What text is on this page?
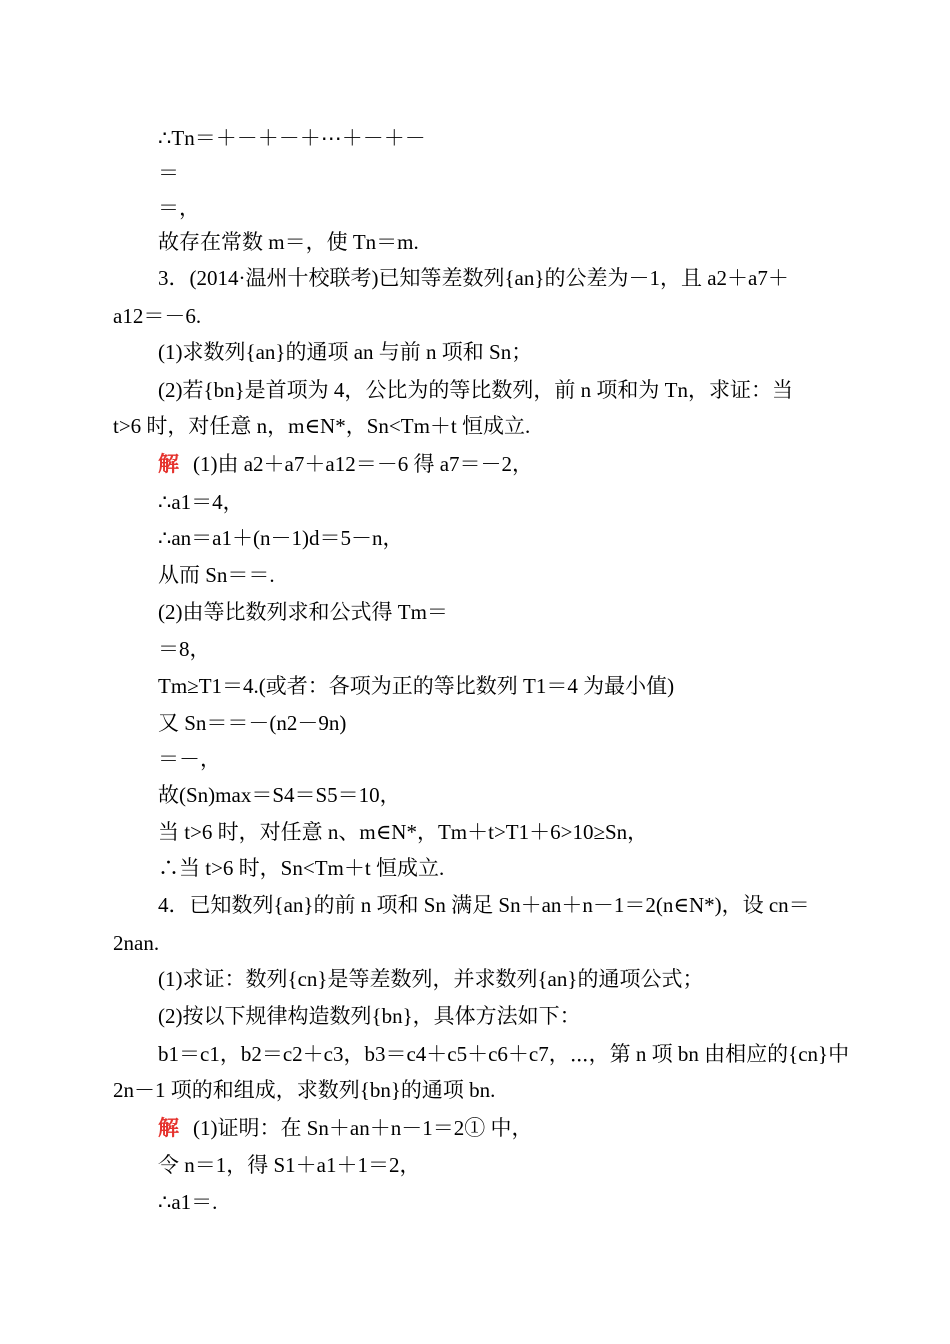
∴Tn＝＋－＋－＋⋯＋－＋－
＝
＝，
故存在常数 m＝，使 Tn＝m.
3．(2014·温州十校联考)已知等差数列{an}的公差为－1，且 a2＋a7＋
a12＝－6.
(1)求数列{an}的通项 an 与前 n 项和 Sn；
(2)若{bn}是首项为 4，公比为的等比数列，前 n 项和为 Tn，求证：当
t>6 时，对任意 n，m∈N*，Sn<Tm＋t 恒成立.
解 (1)由 a2＋a7＋a12＝－6 得 a7＝－2，
∴a1＝4，
∴an＝a1＋(n－1)d＝5－n，
从而 Sn＝＝.
(2)由等比数列求和公式得 Tm＝
＝8，
Tm≥T1＝4.(或者：各项为正的等比数列 T1＝4 为最小值)
又 Sn＝＝－(n2－9n)
＝－，
故(Sn)max＝S4＝S5＝10，
当 t>6 时，对任意 n、m∈N*，Tm＋t>T1＋6>10≥Sn，
∴当 t>6 时，Sn<Tm＋t 恒成立.
4．已知数列{an}的前 n 项和 Sn 满足 Sn＋an＋n－1＝2(n∈N*)，设 cn＝
2nan.
(1)求证：数列{cn}是等差数列，并求数列{an}的通项公式；
(2)按以下规律构造数列{bn}，具体方法如下：
b1＝c1，b2＝c2＋c3，b3＝c4＋c5＋c6＋c7，⋯，第 n 项 bn 由相应的{cn}中
2n－1 项的和组成，求数列{bn}的通项 bn.
解 (1)证明：在 Sn＋an＋n－1＝2① 中，
令 n＝1，得 S1＋a1＋1＝2，
∴a1＝.
